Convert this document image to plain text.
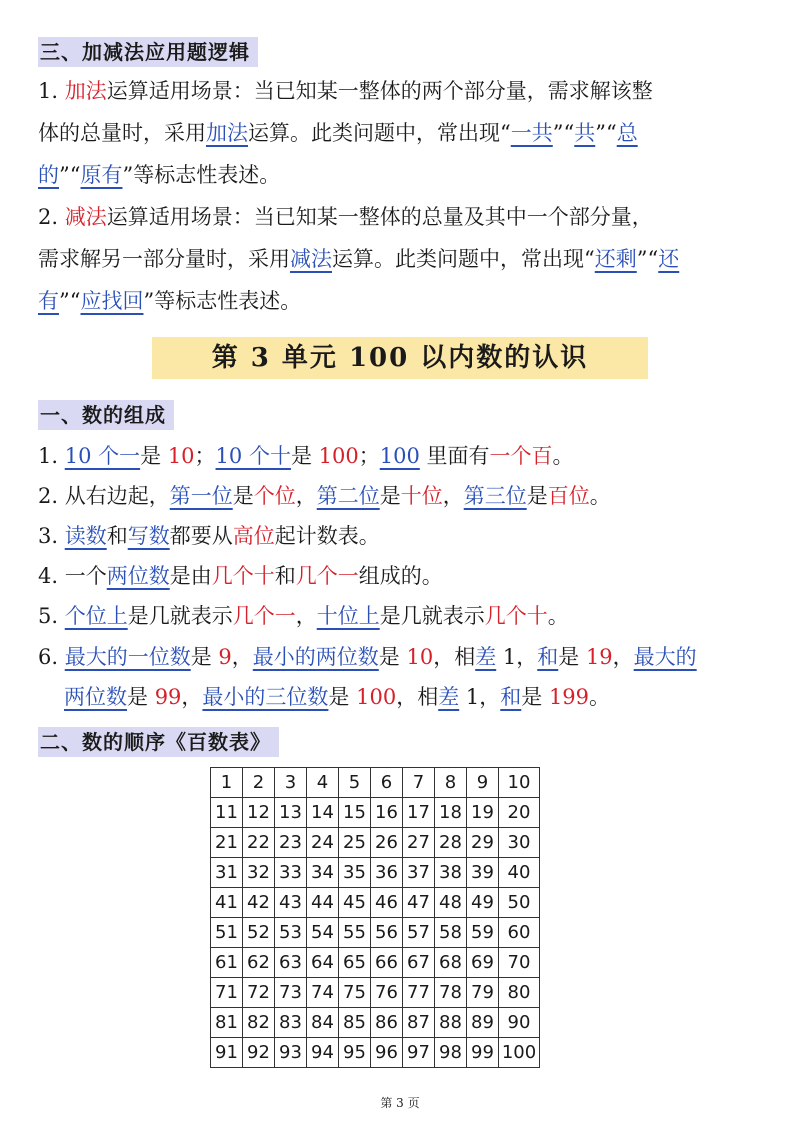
三、加减法应用题逻辑
1. 加法运算适用场景：当已知某一整体的两个部分量，需求解该整
体的总量时，采用加法运算。此类问题中，常出现“一共”“共”“总
的”“原有”等标志性表述。
2. 减法运算适用场景：当已知某一整体的总量及其中一个部分量，
需求解另一部分量时，采用减法运算。此类问题中，常出现“还剩”“还
有”“应找回”等标志性表述。
第 3 单元 100 以内数的认识
一、数的组成
1. 10 个一是 10；10 个十是 100；100 里面有一个百。
2. 从右边起，第一位是个位，第二位是十位，第三位是百位。
3. 读数和写数都要从高位起计数表。
4. 一个两位数是由几个十和几个一组成的。
5. 个位上是几就表示几个一，十位上是几就表示几个十。
6. 最大的一位数是 9，最小的两位数是 10，相差 1，和是 19，最大的
两位数是 99，最小的三位数是 100，相差 1，和是 199。
二、数的顺序《百数表》
1	2	3	4	5	6	7	8	9	10
11	12	13	14	15	16	17	18	19	20
21	22	23	24	25	26	27	28	29	30
31	32	33	34	35	36	37	38	39	40
41	42	43	44	45	46	47	48	49	50
51	52	53	54	55	56	57	58	59	60
61	62	63	64	65	66	67	68	69	70
71	72	73	74	75	76	77	78	79	80
81	82	83	84	85	86	87	88	89	90
91	92	93	94	95	96	97	98	99	100
第 3 页
